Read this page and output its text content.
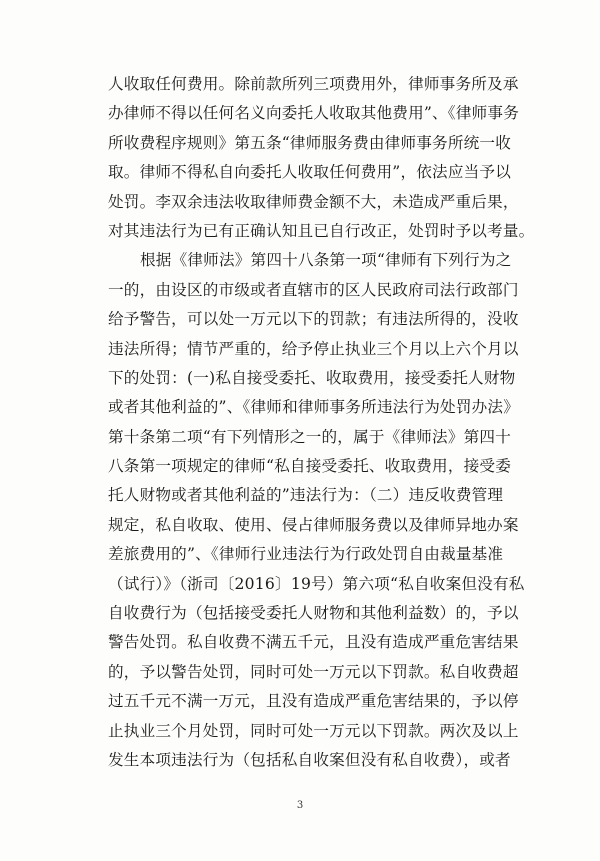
人收取任何费用。除前款所列三项费用外，律师事务所及承
办律师不得以任何名义向委托人收取其他费用”、《律师事务
所收费程序规则》第五条“律师服务费由律师事务所统一收
取。律师不得私自向委托人收取任何费用”，依法应当予以
处罚。李双余违法收取律师费金额不大，未造成严重后果，
对其违法行为已有正确认知且已自行改正，处罚时予以考量。
根据《律师法》第四十八条第一项“律师有下列行为之
一的，由设区的市级或者直辖市的区人民政府司法行政部门
给予警告，可以处一万元以下的罚款；有违法所得的，没收
违法所得；情节严重的，给予停止执业三个月以上六个月以
下的处罚：(一)私自接受委托、收取费用，接受委托人财物
或者其他利益的”、《律师和律师事务所违法行为处罚办法》
第十条第二项“有下列情形之一的，属于《律师法》第四十
八条第一项规定的律师“私自接受委托、收取费用，接受委
托人财物或者其他利益的”违法行为：（二）违反收费管理
规定，私自收取、使用、侵占律师服务费以及律师异地办案
差旅费用的”、《律师行业违法行为行政处罚自由裁量基准
（试行）》（浙司〔2016〕19号）第六项“私自收案但没有私
自收费行为（包括接受委托人财物和其他利益数）的，予以
警告处罚。私自收费不满五千元，且没有造成严重危害结果
的，予以警告处罚，同时可处一万元以下罚款。私自收费超
过五千元不满一万元，且没有造成严重危害结果的，予以停
止执业三个月处罚，同时可处一万元以下罚款。两次及以上
发生本项违法行为（包括私自收案但没有私自收费），或者
3
